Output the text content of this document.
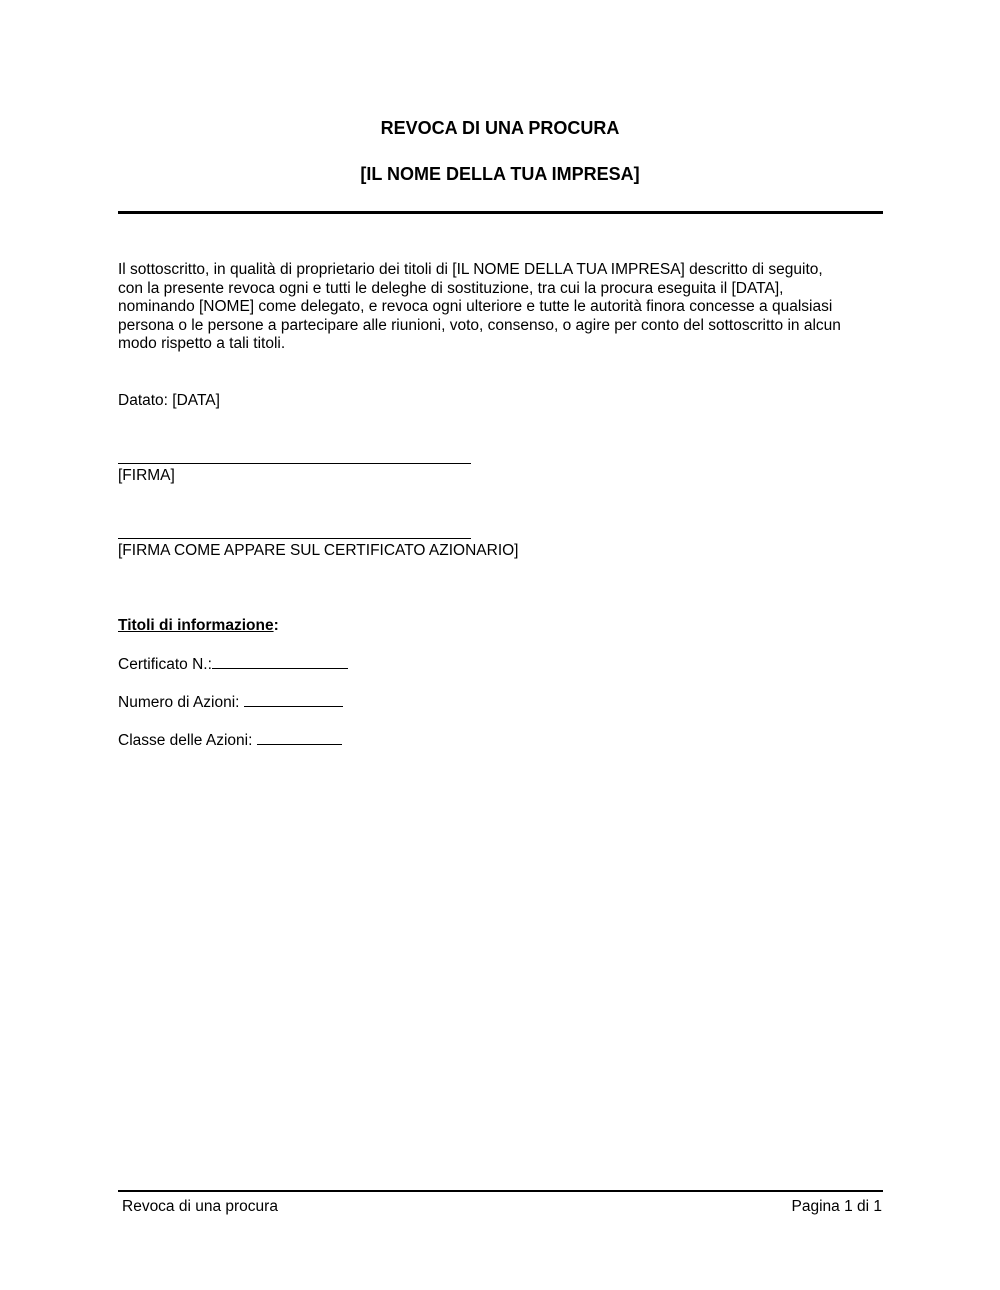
REVOCA DI UNA PROCURA
[IL NOME DELLA TUA IMPRESA]
Il sottoscritto, in qualità di proprietario dei titoli di [IL NOME DELLA TUA IMPRESA] descritto di seguito,
con la presente revoca ogni e tutti le deleghe di sostituzione, tra cui la procura eseguita il [DATA],
nominando [NOME] come delegato, e revoca ogni ulteriore e tutte le autorità finora concesse a qualsiasi
persona o le persone a partecipare alle riunioni, voto, consenso, o agire per conto del sottoscritto in alcun
modo rispetto a tali titoli.
Datato: [DATA]
[FIRMA]
[FIRMA COME APPARE SUL CERTIFICATO AZIONARIO]
Titoli di informazione:
Certificato N.:
Numero di Azioni:
Classe delle Azioni:
Revoca di una procura	Pagina 1 di 1
